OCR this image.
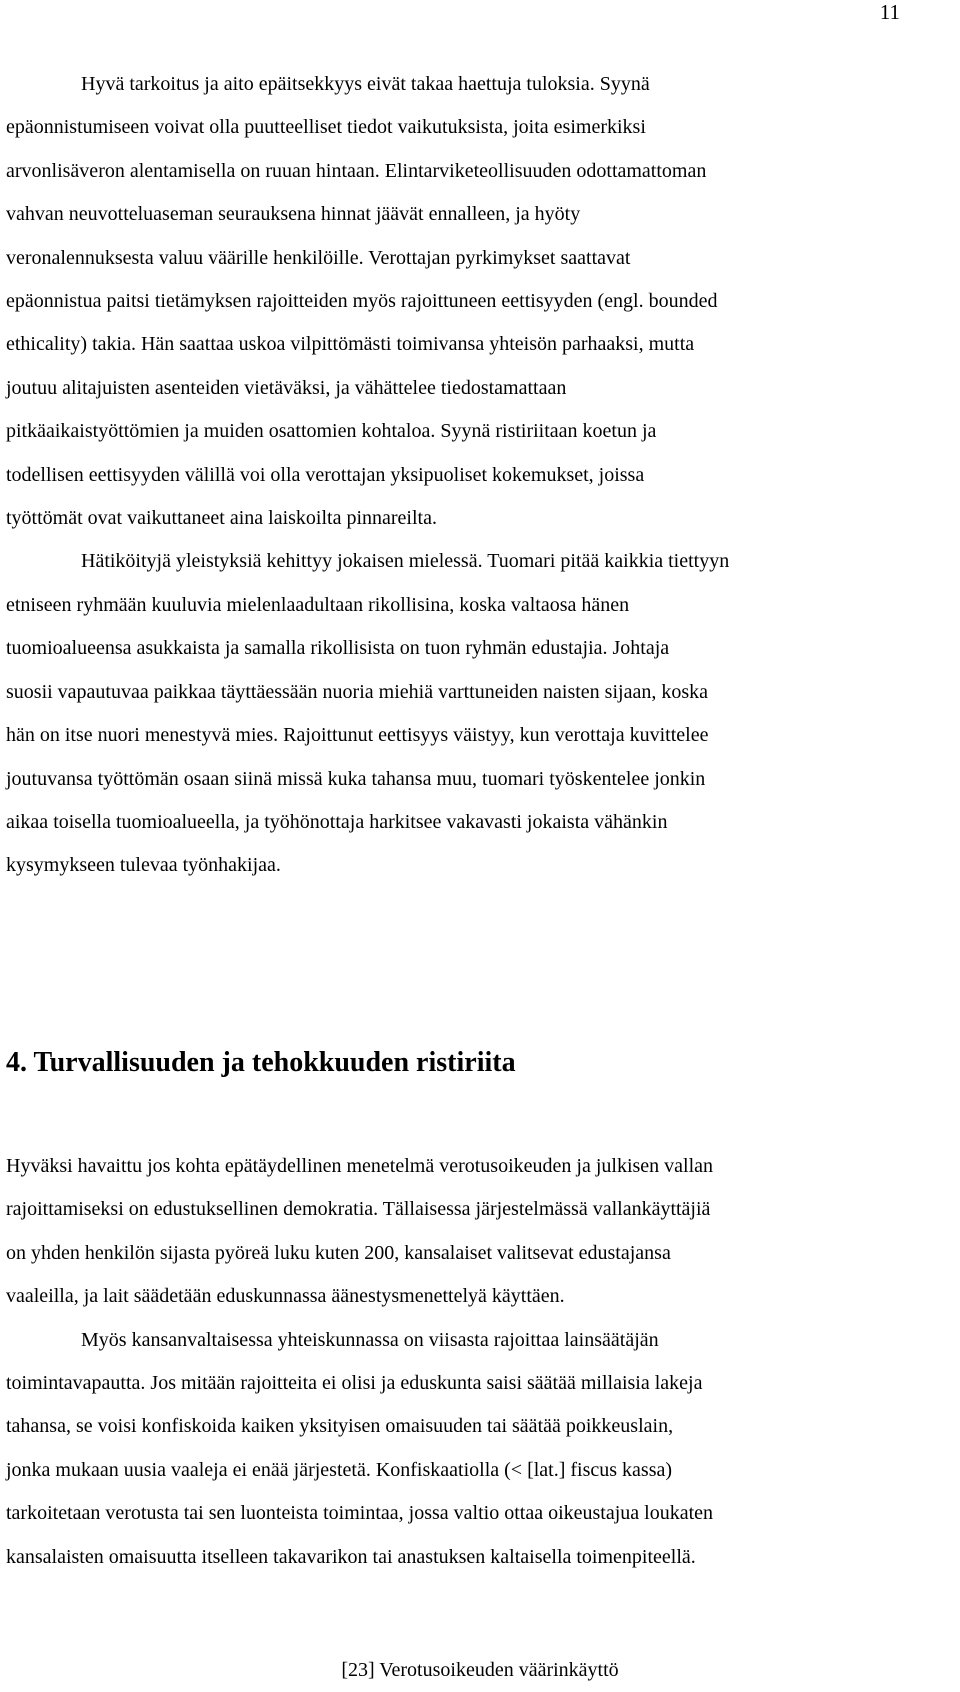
11
Hyvä tarkoitus ja aito epäitsekkyys eivät takaa haettuja tuloksia. Syynä
epäonnistumiseen voivat olla puutteelliset tiedot vaikutuksista, joita esimerkiksi
arvonlisäveron alentamisella on ruuan hintaan. Elintarviketeollisuuden odottamattoman
vahvan neuvotteluaseman seurauksena hinnat jäävät ennalleen, ja hyöty
veronalennuksesta valuu väärille henkilöille. Verottajan pyrkimykset saattavat
epäonnistua paitsi tietämyksen rajoitteiden myös rajoittuneen eettisyyden (engl. bounded
ethicality) takia. Hän saattaa uskoa vilpittömästi toimivansa yhteisön parhaaksi, mutta
joutuu alitajuisten asenteiden vietäväksi, ja vähättelee tiedostamattaan
pitkäaikaistyöttömien ja muiden osattomien kohtaloa. Syynä ristiriitaan koetun ja
todellisen eettisyyden välillä voi olla verottajan yksipuoliset kokemukset, joissa
työttömät ovat vaikuttaneet aina laiskoilta pinnareilta.
Hätiköityjä yleistyksiä kehittyy jokaisen mielessä. Tuomari pitää kaikkia tiettyyn
etniseen ryhmään kuuluvia mielenlaadultaan rikollisina, koska valtaosa hänen
tuomioalueensa asukkaista ja samalla rikollisista on tuon ryhmän edustajia. Johtaja
suosii vapautuvaa paikkaa täyttäessään nuoria miehiä varttuneiden naisten sijaan, koska
hän on itse nuori menestyvä mies. Rajoittunut eettisyys väistyy, kun verottaja kuvittelee
joutuvansa työttömän osaan siinä missä kuka tahansa muu, tuomari työskentelee jonkin
aikaa toisella tuomioalueella, ja työhönottaja harkitsee vakavasti jokaista vähänkin
kysymykseen tulevaa työnhakijaa.
4. Turvallisuuden ja tehokkuuden ristiriita
Hyväksi havaittu jos kohta epätäydellinen menetelmä verotusoikeuden ja julkisen vallan
rajoittamiseksi on edustuksellinen demokratia. Tällaisessa järjestelmässä vallankäyttäjiä
on yhden henkilön sijasta pyöreä luku kuten 200, kansalaiset valitsevat edustajansa
vaaleilla, ja lait säädetään eduskunnassa äänestysmenettelyä käyttäen.
Myös kansanvaltaisessa yhteiskunnassa on viisasta rajoittaa lainsäätäjän
toimintavapautta. Jos mitään rajoitteita ei olisi ja eduskunta saisi säätää millaisia lakeja
tahansa, se voisi konfiskoida kaiken yksityisen omaisuuden tai säätää poikkeuslain,
jonka mukaan uusia vaaleja ei enää järjestetä. Konfiskaatiolla (< [lat.] fiscus kassa)
tarkoitetaan verotusta tai sen luonteista toimintaa, jossa valtio ottaa oikeustajua loukaten
kansalaisten omaisuutta itselleen takavarikon tai anastuksen kaltaisella toimenpiteellä.
[23] Verotusoikeuden väärinkäyttö
